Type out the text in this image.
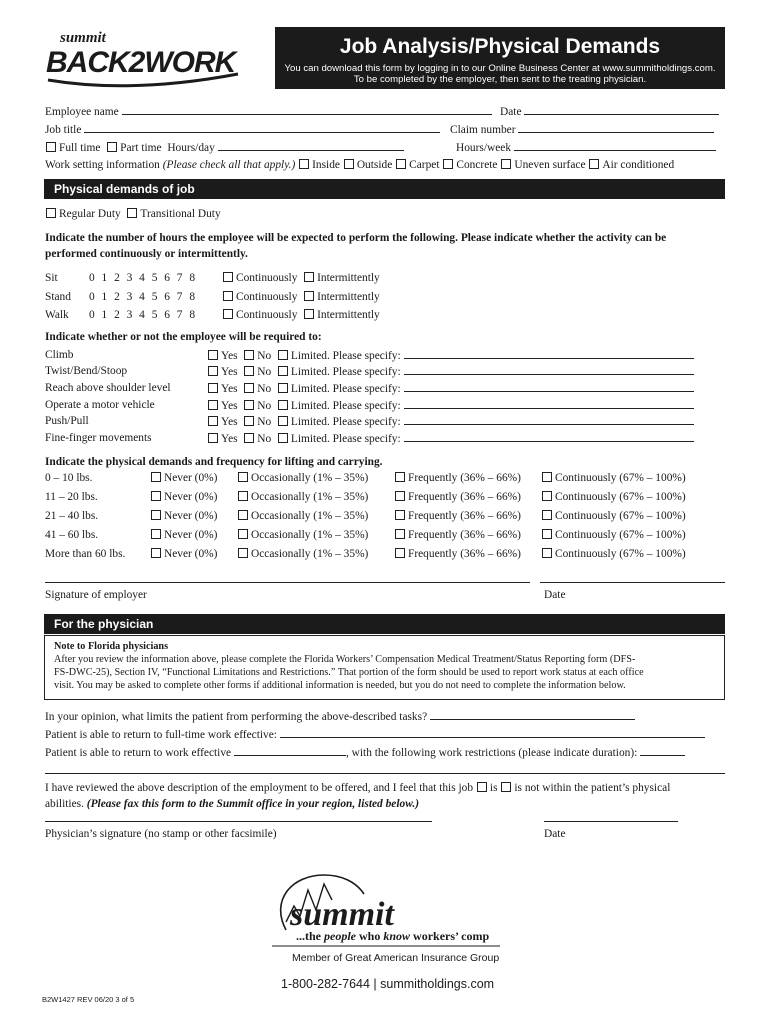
summit
BACK2WORK	Job Analysis/Physical Demands
You can download this form by logging in to our Online Business Center at www.summitholdings.com.
To be completed by the employer, then sent to the treating physician.
Employee name	Date
Job title	Claim number
Full time Part time Hours/day	Hours/week
Work setting information (Please check all that apply.) Inside Outside Carpet Concrete Uneven surface Air conditioned
Physical demands of job
Regular Duty Transitional Duty
Indicate the number of hours the employee will be expected to perform the following. Please indicate whether the activity can be
performed continuously or intermittently.
Sit	0 1 2 3 4 5 6 7 8	Continuously Intermittently
Stand 0 1 2 3 4 5 6 7 8	Continuously Intermittently
Walk 0 1 2 3 4 5 6 7 8	Continuously Intermittently
Indicate whether or not the employee will be required to:
Climb	Yes No Limited. Please specify:
Twist/Bend/Stoop	Yes No Limited. Please specify:
Reach above shoulder level	Yes No Limited. Please specify:
Operate a motor vehicle	Yes No Limited. Please specify:
Push/Pull	Yes No Limited. Please specify:
Fine-finger movements	Yes No Limited. Please specify:
Indicate the physical demands and frequency for lifting and carrying.
0 – 10 lbs.	Never (0%)	Occasionally (1% – 35%)	Frequently (36% – 66%)	Continuously (67% – 100%)
11 – 20 lbs.	Never (0%)	Occasionally (1% – 35%)	Frequently (36% – 66%)	Continuously (67% – 100%)
21 – 40 lbs.	Never (0%)	Occasionally (1% – 35%)	Frequently (36% – 66%)	Continuously (67% – 100%)
41 – 60 lbs.	Never (0%)	Occasionally (1% – 35%)	Frequently (36% – 66%)	Continuously (67% – 100%)
More than 60 lbs.	Never (0%)	Occasionally (1% – 35%)	Frequently (36% – 66%)	Continuously (67% – 100%)
Signature of employer	Date
For the physician
Note to Florida physicians
After you review the information above, please complete the Florida Workers’ Compensation Medical Treatment/Status Reporting form (DFS-
FS-DWC-25), Section IV, “Functional Limitations and Restrictions.” That portion of the form should be used to report work status at each office
visit. You may be asked to complete other forms if additional information is needed, but you do not need to complete the information below.
In your opinion, what limits the patient from performing the above-described tasks?
Patient is able to return to full-time work effective:
Patient is able to return to work effective	, with the following work restrictions (please indicate duration):
I have reviewed the above description of the employment to be offered, and I feel that this job is is not within the patient’s physical
abilities. (Please fax this form to the Summit office in your region, listed below.)
Physician’s signature (no stamp or other facsimile)	Date
summit
...the people who know workers’ comp
Member of Great American Insurance Group
1-800-282-7644 | summitholdings.com
B2W1427 REV 06/20 3 of 5
